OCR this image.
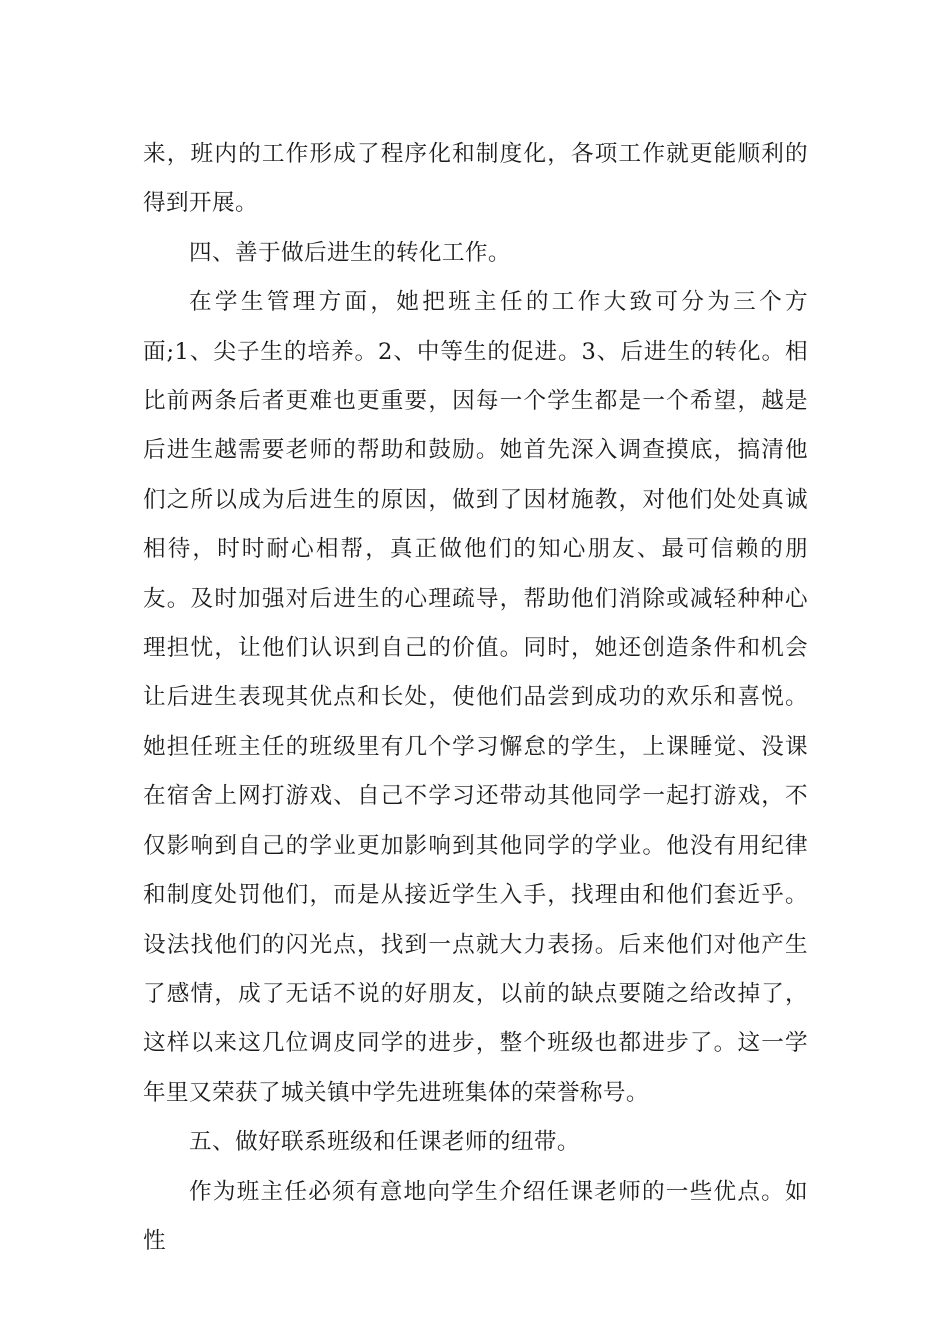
来，班内的工作形成了程序化和制度化，各项工作就更能顺利的得到开展。

四、善于做后进生的转化工作。

在学生管理方面，她把班主任的工作大致可分为三个方面;1、尖子生的培养。2、中等生的促进。3、后进生的转化。相比前两条后者更难也更重要，因每一个学生都是一个希望，越是后进生越需要老师的帮助和鼓励。她首先深入调查摸底，搞清他们之所以成为后进生的原因，做到了因材施教，对他们处处真诚相待，时时耐心相帮，真正做他们的知心朋友、最可信赖的朋友。及时加强对后进生的心理疏导，帮助他们消除或减轻种种心理担忧，让他们认识到自己的价值。同时，她还创造条件和机会让后进生表现其优点和长处，使他们品尝到成功的欢乐和喜悦。她担任班主任的班级里有几个学习懈怠的学生，上课睡觉、没课在宿舍上网打游戏、自己不学习还带动其他同学一起打游戏，不仅影响到自己的学业更加影响到其他同学的学业。他没有用纪律和制度处罚他们，而是从接近学生入手，找理由和他们套近乎。设法找他们的闪光点，找到一点就大力表扬。后来他们对他产生了感情，成了无话不说的好朋友，以前的缺点要随之给改掉了，这样以来这几位调皮同学的进步，整个班级也都进步了。这一学年里又荣获了城关镇中学先进班集体的荣誉称号。

五、做好联系班级和任课老师的纽带。

作为班主任必须有意地向学生介绍任课老师的一些优点。如性
